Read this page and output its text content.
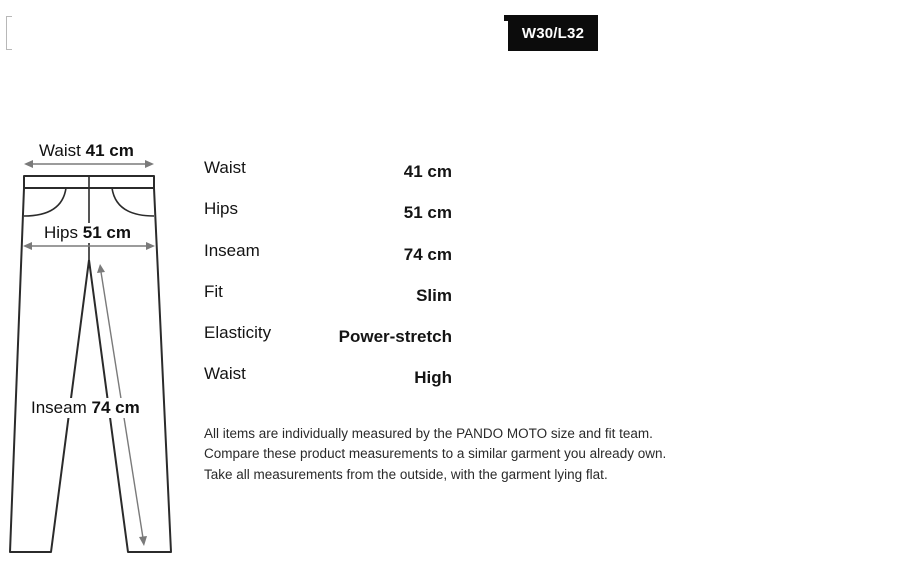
W30/L32
Waist 41 cm
Hips 51 cm
Inseam 74 cm
Waist	41 cm
Hips	51 cm
Inseam	74 cm
Fit	Slim
Elasticity	Power-stretch
Waist	High

All items are individually measured by the PANDO MOTO size and fit team.

Compare these product measurements to a similar garment you already own.

Take all measurements from the outside, with the garment lying flat.
